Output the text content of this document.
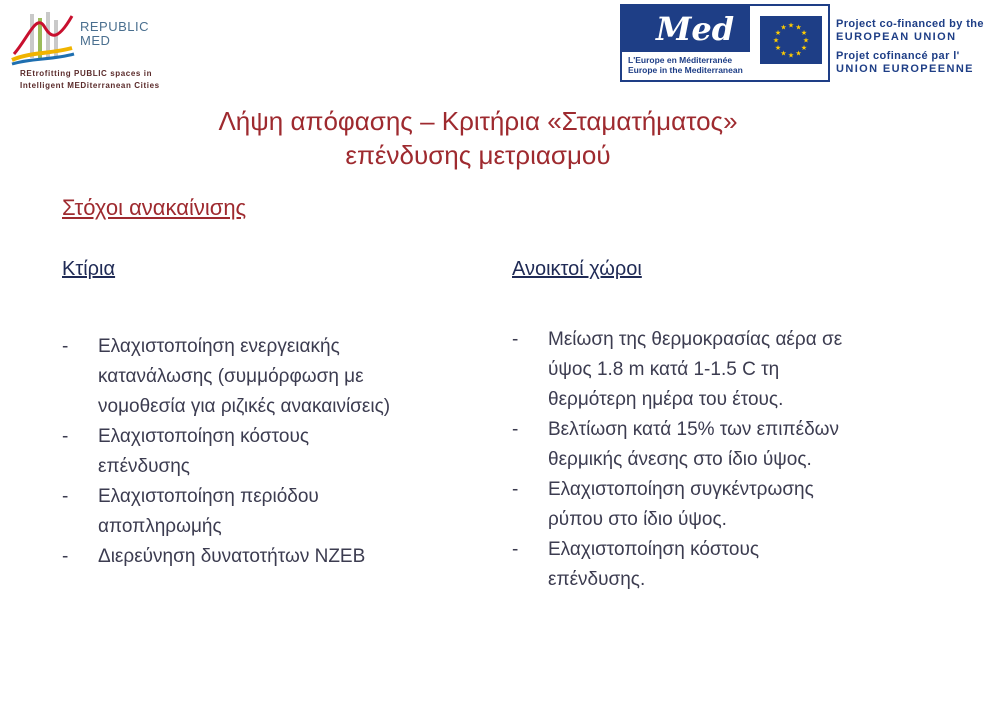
REPUBLIC
MED
REtrofitting PUBLIC spaces in
Intelligent MEDiterranean Cities
Med
L'Europe en Méditerranée
Europe in the Mediterranean
★ ★
★
★
★
★
★
★
★
★
★
★	Project co-financed by the
EUROPEAN UNION
Projet cofinancé par l'
UNION EUROPEENNE
Λήψη απόφασης – Κριτήρια «Σταματήματος»
επένδυσης μετριασμού
Στόχοι ανακαίνισης
Κτίρια	Ανοικτοί χώροι
- Ελαχιστοποίηση ενεργειακής
κατανάλωσης (συμμόρφωση με
νομοθεσία για ριζικές ανακαινίσεις)
- Ελαχιστοποίηση κόστους
επένδυσης
- Ελαχιστοποίηση περιόδου
αποπληρωμής
- Διερεύνηση δυνατοτήτων NZEB
- Μείωση της θερμοκρασίας αέρα σε
ύψος 1.8 m κατά 1-1.5 C τη
θερμότερη ημέρα του έτους.
- Βελτίωση κατά 15% των επιπέδων
θερμικής άνεσης στο ίδιο ύψος.
- Ελαχιστοποίηση συγκέντρωσης
ρύπου στο ίδιο ύψος.
- Ελαχιστοποίηση κόστους
επένδυσης.
